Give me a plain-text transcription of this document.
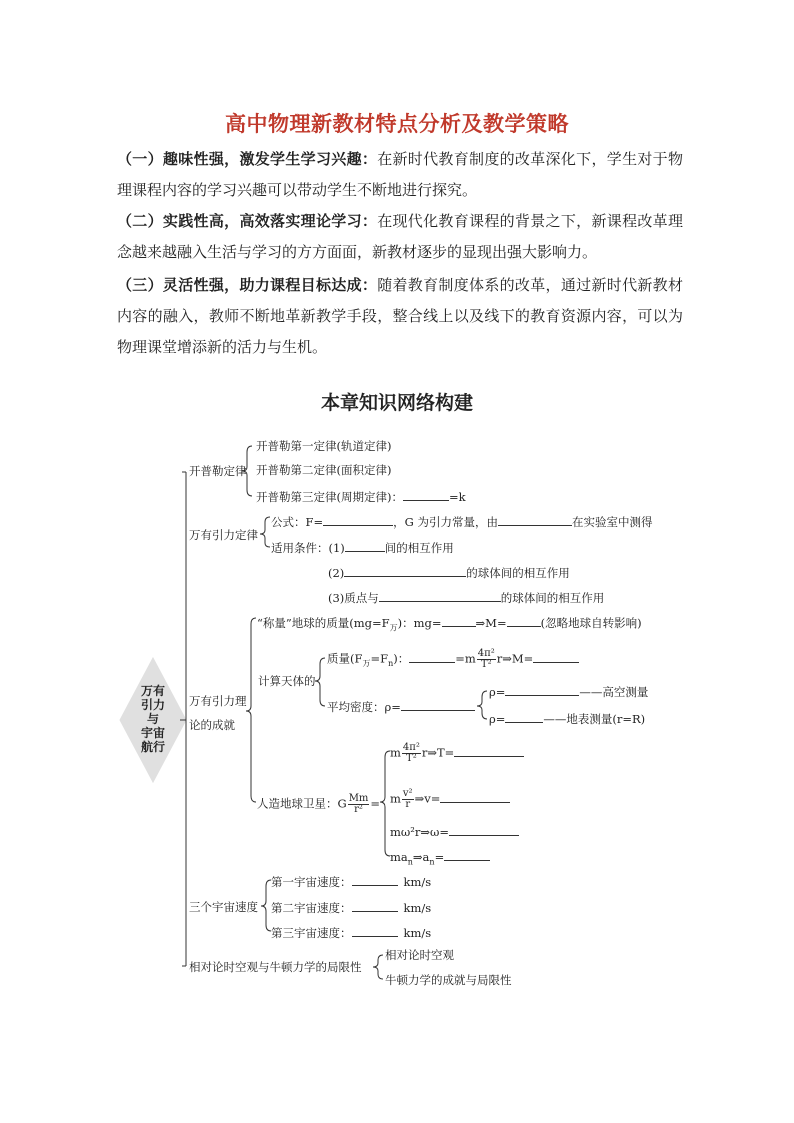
高中物理新教材特点分析及教学策略
（一）趣味性强，激发学生学习兴趣：在新时代教育制度的改革深化下，学生对于物理课程内容的学习兴趣可以带动学生不断地进行探究。
（二）实践性高，高效落实理论学习：在现代化教育课程的背景之下，新课程改革理念越来越融入生活与学习的方方面面，新教材逐步的显现出强大影响力。
（三）灵活性强，助力课程目标达成：随着教育制度体系的改革，通过新时代新教材内容的融入，教师不断地革新教学手段，整合线上以及线下的教育资源内容，可以为物理课堂增添新的活力与生机。
本章知识网络构建
万有
引力
与
宇宙
航行
开普勒定律
开普勒第一定律(轨道定律)
开普勒第二定律(面积定律)
开普勒第三定律(周期定律)：	=k
万有引力定律
公式：F=	，G 为引力常量，由	在实验室中测得
适用条件：(1)	间的相互作用
(2)	的球体间的相互作用
(3)质点与	的球体间的相互作用
万有引力理
论的成就
“称量”地球的质量$(mg=F_万)$：mg=	⇒M=	(忽略地球自转影响)
计算天体的
质量$(F_万=F_n)$：	$=m \frac{\text{4π²}}{\text{T²}}$ r⇒M=
平均密度：ρ=
ρ=	——高空测量
ρ=	——地表测量(r=R)
人造地球卫星：G $\frac{Mm}{\text{r²}}$ =
m $\frac{\text{4π²}}{\text{T²}}$ r⇒T=
m $\frac{\text{v²}}{r}$ ⇒v=
mω²r⇒ω=
$ma_n\Rightarrow a_n=$
三个宇宙速度
第一宇宙速度：	km/s
第二宇宙速度：	km/s
第三宇宙速度：	km/s
相对论时空观与牛顿力学的局限性
相对论时空观
牛顿力学的成就与局限性
